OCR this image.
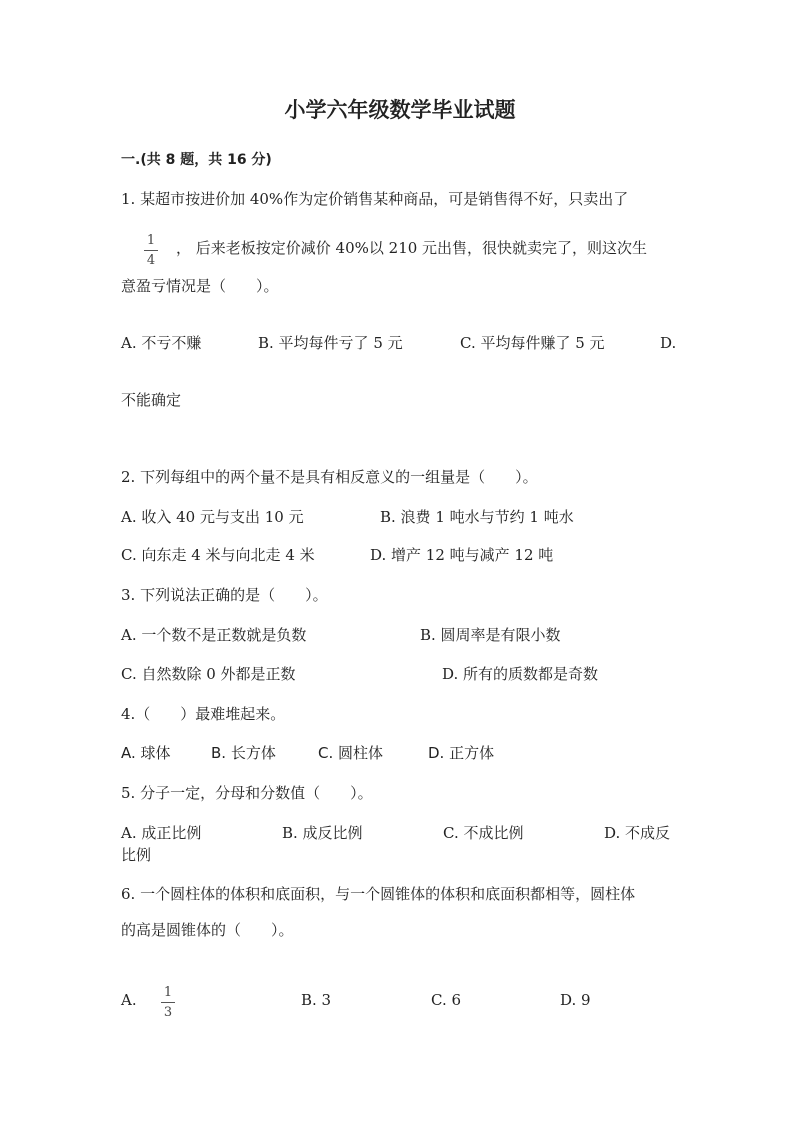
小学六年级数学毕业试题
一.(共 8 题，共 16 分)
1. 某超市按进价加 40%作为定价销售某种商品，可是销售得不好，只卖出了
1
4
， 后来老板按定价减价 40%以 210 元出售，很快就卖完了，则这次生
意盈亏情况是（　　）。
A. 不亏不赚	B. 平均每件亏了 5 元	C. 平均每件赚了 5 元	D.
不能确定
2. 下列每组中的两个量不是具有相反意义的一组量是（　　）。
A. 收入 40 元与支出 10 元	B. 浪费 1 吨水与节约 1 吨水
C. 向东走 4 米与向北走 4 米	D. 增产 12 吨与减产 12 吨
3. 下列说法正确的是（　　）。
A. 一个数不是正数就是负数	B. 圆周率是有限小数
C. 自然数除 0 外都是正数	D. 所有的质数都是奇数
4.（　　）最难堆起来。
A. 球体	B. 长方体	C. 圆柱体	D. 正方体
5. 分子一定，分母和分数值（　　）。
A. 成正比例	B. 成反比例	C. 不成比例	D. 不成反
比例
6. 一个圆柱体的体积和底面积，与一个圆锥体的体积和底面积都相等，圆柱体
的高是圆锥体的（　　）。
A.	1
3
B. 3	C. 6	D. 9
